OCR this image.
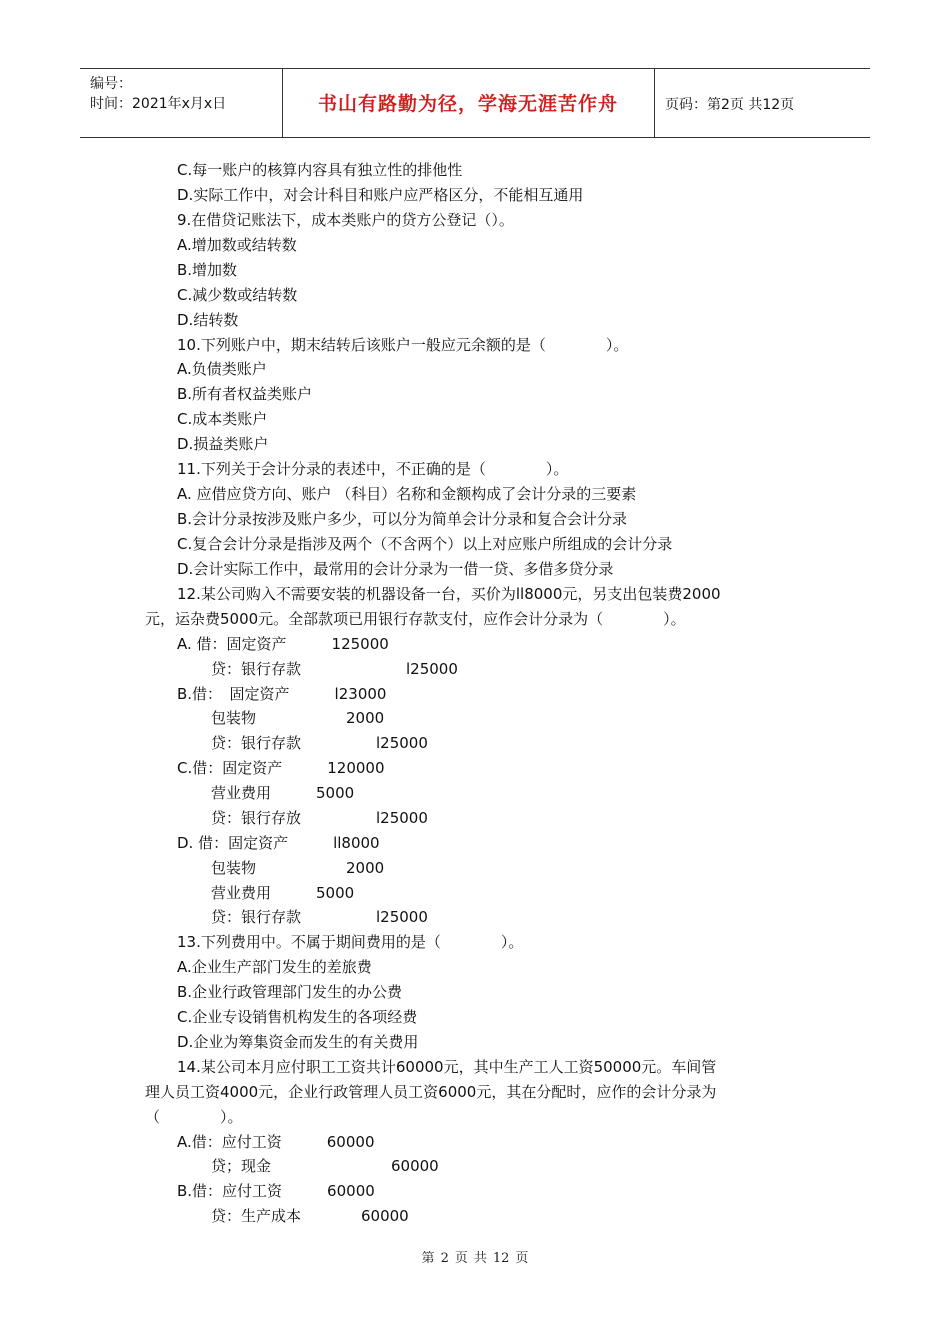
编号：
时间：2021年x月x日	书山有路勤为径，学海无涯苦作舟	页码：第2页 共12页
C.每一账户的核算内容具有独立性的排他性
D.实际工作中，对会计科目和账户应严格区分，不能相互通用
9.在借贷记账法下，成本类账户的贷方公登记（）。
A.增加数或结转数
B.增加数
C.减少数或结转数
D.结转数
10.下列账户中，期末结转后该账户一般应元余额的是（　　　　）。
A.负债类账户
B.所有者权益类账户
C.成本类账户
D.损益类账户
11.下列关于会计分录的表述中，不正确的是（　　　　）。
A. 应借应贷方向、账户 （科目）名称和金额构成了会计分录的三要素
B.会计分录按涉及账户多少，可以分为简单会计分录和复合会计分录
C.复合会计分录是指涉及两个（不含两个）以上对应账户所组成的会计分录
D.会计实际工作中，最常用的会计分录为一借一贷、多借多贷分录
12.某公司购入不需要安装的机器设备一台，买价为ll8000元，另支出包装费2000
元，运杂费5000元。全部款项已用银行存款支付，应作会计分录为（　　　　）。
A. 借：固定资产　　　125000
贷：银行存款　　　　　　　l25000
B.借：　固定资产　　　l23000
包装物　　　　　　2000
贷：银行存款　　　　　l25000
C.借：固定资产　　　120000
营业费用　　　5000
贷：银行存放　　　　　l25000
D. 借：固定资产　　　ll8000
包装物　　　　　　2000
营业费用　　　5000
贷：银行存款　　　　　l25000
13.下列费用中。不属于期间费用的是（　　　　）。
A.企业生产部门发生的差旅费
B.企业行政管理部门发生的办公费
C.企业专设销售机构发生的各项经费
D.企业为筹集资金而发生的有关费用
14.某公司本月应付职工工资共计60000元，其中生产工人工资50000元。车间管
理人员工资4000元，企业行政管理人员工资6000元，其在分配时，应作的会计分录为
（　　　　）。
A.借：应付工资　　　60000
贷；现金　　　　　　　　60000
B.借：应付工资　　　60000
贷：生产成本　　　　60000
第 2 页 共 12 页
